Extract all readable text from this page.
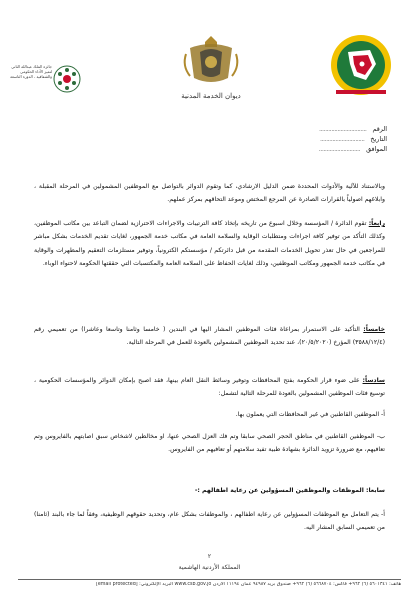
جائزة الملك عبدالله الثاني لتميز الأداء الحكومي والشفافية - الدورة التاسعة
ديوان الخدمة المدنية
الرقم
...............................
التاريخ
.............................
الموافق
...........................
وبالاستناد للآلية والأدوات المحددة ضمن الدليل الارشادي، كما وتقوم الدوائر بالتواصل مع الموظفين المشمولين في المرحلة المقبلة ، وابلاغهم اصولياً بالقرارات الصادرة عن المرجع المختص وموعد التحاقهم بمركز عملهم.
رابعاً: تقوم الدائرة / المؤسسة وخلال اسبوع من تاريخه بإتخاذ كافة الترتيبات والاجراءات الاحترازية لضمان التباعد بين مكاتب الموظفين، وكذلك التأكد من توفير كافة اجراءات ومتطلبات الوقاية والسلامة العامة في مكاتب خدمة الجمهور، لغايات تقديم الخدمات بشكل مباشر للمراجعين في حال تعذر تحويل الخدمات المقدمة من قبل دائرتكم / مؤسستكم الكترونياً، وتوفير مستلزمات التعقيم والمطهرات والوقاية في مكاتب خدمة الجمهور ومكاتب الموظفين، وذلك لغايات الحفاظ على السلامة العامة والمكتسبات التي حققتها الحكومة لاحتواء الوباء.
خامساً: التأكيد على الاستمرار بمراعاة فئات الموظفين المشار اليها في البندين ( خامسا وثامنا وتاسعا وعاشرا) من تعميمي رقم (٣٥٨٨/١٢/٤) المؤرخ (٢٠/٥/٢٠٢٠)، عند تحديد الموظفين المشمولين بالعودة للعمل في المرحلة التالية.
سادساً: على ضوء قرار الحكومة بفتح المحافظات وتوفير وسائط النقل العام بينها، فقد اصبح بإمكان الدوائر والمؤسسات الحكومية ، توسيع فئات الموظفين المشمولين بالعودة للمرحلة التالية لتشمل:
أ- الموظفين القاطنين في غير المحافظات التي يعملون بها.
ب- الموظفين القاطنين في مناطق الحجر الصحي سابقا وتم فك العزل الصحي عنها، او مخالطين لاشخاص سبق اصابتهم بالفايروس وتم تعافيهم، مع ضرورة تزويد الدائرة بشهادة طبية تفيد سلامتهم أو تعافيهم من الفايروس.
سابعا: الموظفات والموظفين المسؤولين عن رعاية اطفالهم :-
أ- يتم التعامل مع الموظفات المسؤولين عن رعاية اطفالهم ، والموظفات بشكل عام، وتحديد حقوقهم الوظيفية، وفقاً لما جاء بالبند (ثامنا) من تعميمي السابق المشار اليه.
٢
المملكة الأردنية الهاشمية
هاتف: ٥٦٠١٣٤١ (٦) ٩٦٢+ فاكس: ٥٦٦٨٧٠٤ (٦) ٩٦٢+ صندوق بريد ٩٤٩٨٧ عمان ١١١٩٤ الأردن www.csb.gov.jo البريد الإلكتروني: [email protected]
